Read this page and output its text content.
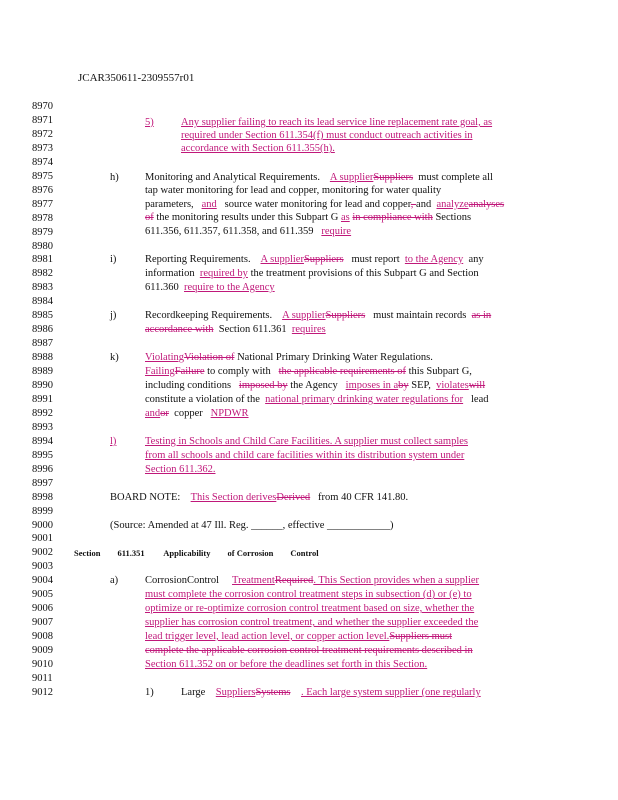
JCAR350611-2309557r01
8970
8971
8972
8973
8974
8975
8976
8977
8978
8979
8980
8981
8982
8983
8984
8985
8986
8987
8988
8989
8990
8991
8992
8993
8994
8995
8996
8997
8998
8999
9000
9001
9002
9003
9004
9005
9006
9007
9008
9009
9010
9011
9012
5)	Any supplier failing to reach its lead service line replacement rate goal, as
required under Section 611.354(f) must conduct outreach activities in
accordance with Section 611.355(h).
h)	Monitoring and Analytical Requirements. A supplierSuppliers must complete all
tap water monitoring for lead and copper, monitoring for water quality
parameters, and source water monitoring for lead and copper, and analyzeanalyses
of the monitoring results under this Subpart G as in compliance with Sections
611.356, 611.357, 611.358, and 611.359 require
i)	Reporting Requirements. A supplierSuppliers must report to the Agency any
information required by the treatment provisions of this Subpart G and Section
611.360 require to the Agency
j)	Recordkeeping Requirements. A supplierSuppliers must maintain records as in
accordance with Section 611.361 requires
k)	ViolatingViolation of National Primary Drinking Water Regulations.
FailingFailure to comply with the applicable requirements of this Subpart G,
including conditions imposed by the Agency imposes in aby SEP, violateswill
constitute a violation of the national primary drinking water regulations for lead
andor copper NPDWR
l)	Testing in Schools and Child Care Facilities. A supplier must collect samples
from all schools and child care facilities within its distribution system under
Section 611.362.
BOARD NOTE: This Section derivesDerived from 40 CFR 141.80.
(Source: Amended at 47 Ill. Reg. ______, effective ____________)
Section 611.351 Applicability of Corrosion Control
a)	CorrosionControl TreatmentRequired. This Section provides when a supplier
must complete the corrosion control treatment steps in subsection (d) or (e) to
optimize or re-optimize corrosion control treatment based on size, whether the
supplier has corrosion control treatment, and whether the supplier exceeded the
lead trigger level, lead action level, or copper action level.Suppliers must
complete the applicable corrosion control treatment requirements described in
Section 611.352 on or before the deadlines set forth in this Section.
1)	Large SuppliersSystems . Each large system supplier (one regularly
